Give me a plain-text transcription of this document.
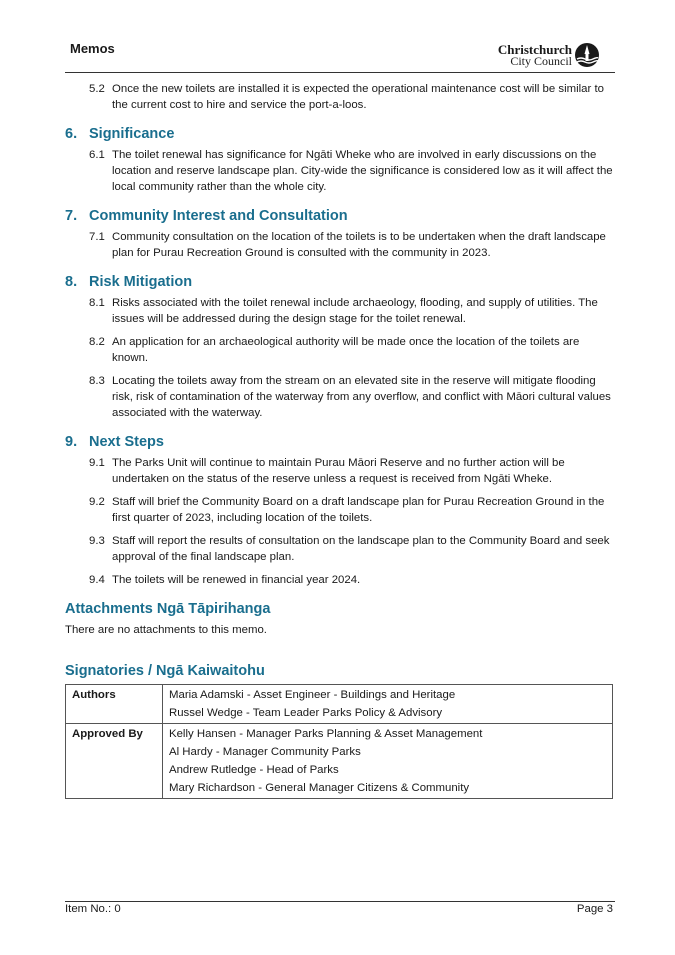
Memos	Christchurch
City Council
5.2 Once the new toilets are installed it is expected the operational maintenance cost will be similar to the current cost to hire and service the port-a-loos.
6. Significance
6.1 The toilet renewal has significance for Ngāti Wheke who are involved in early discussions on the location and reserve landscape plan. City-wide the significance is considered low as it will affect the local community rather than the whole city.
7. Community Interest and Consultation
7.1 Community consultation on the location of the toilets is to be undertaken when the draft landscape plan for Purau Recreation Ground is consulted with the community in 2023.
8. Risk Mitigation
8.1 Risks associated with the toilet renewal include archaeology, flooding, and supply of utilities. The issues will be addressed during the design stage for the toilet renewal.
8.2 An application for an archaeological authority will be made once the location of the toilets are known.
8.3 Locating the toilets away from the stream on an elevated site in the reserve will mitigate flooding risk, risk of contamination of the waterway from any overflow, and conflict with Māori cultural values associated with the waterway.
9. Next Steps
9.1 The Parks Unit will continue to maintain Purau Māori Reserve and no further action will be undertaken on the status of the reserve unless a request is received from Ngāti Wheke.
9.2 Staff will brief the Community Board on a draft landscape plan for Purau Recreation Ground in the first quarter of 2023, including location of the toilets.
9.3 Staff will report the results of consultation on the landscape plan to the Community Board and seek approval of the final landscape plan.
9.4 The toilets will be renewed in financial year 2024.
Attachments Ngā Tāpirihanga

There are no attachments to this memo.

Signatories / Ngā Kaiwaitohu
Authors	Maria Adamski - Asset Engineer - Buildings and Heritage
Russel Wedge - Team Leader Parks Policy & Advisory

Approved By	Kelly Hansen - Manager Parks Planning & Asset Management
Al Hardy - Manager Community Parks
Andrew Rutledge - Head of Parks
Mary Richardson - General Manager Citizens & Community
Item No.: 0	Page 3
